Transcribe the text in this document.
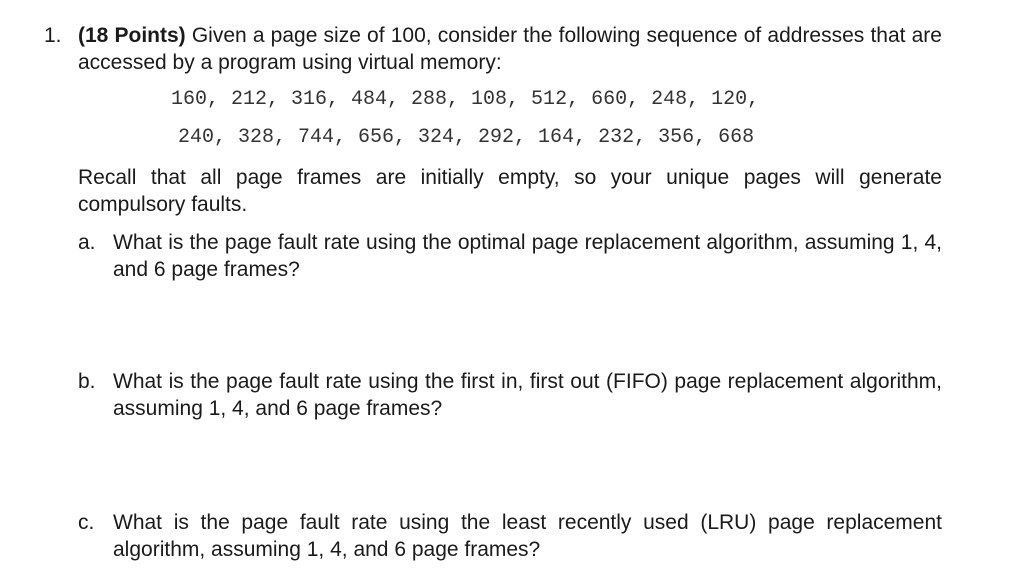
1. (18 Points) Given a page size of 100, consider the following sequence of addresses that are accessed by a program using virtual memory:

160, 212, 316, 484, 288, 108, 512, 660, 248, 120,
240, 328, 744, 656, 324, 292, 164, 232, 356, 668

Recall that all page frames are initially empty, so your unique pages will generate compulsory faults.

a. What is the page fault rate using the optimal page replacement algorithm, assuming 1, 4, and 6 page frames?
b. What is the page fault rate using the first in, first out (FIFO) page replacement algorithm, assuming 1, 4, and 6 page frames?
c. What is the page fault rate using the least recently used (LRU) page replacement algorithm, assuming 1, 4, and 6 page frames?
